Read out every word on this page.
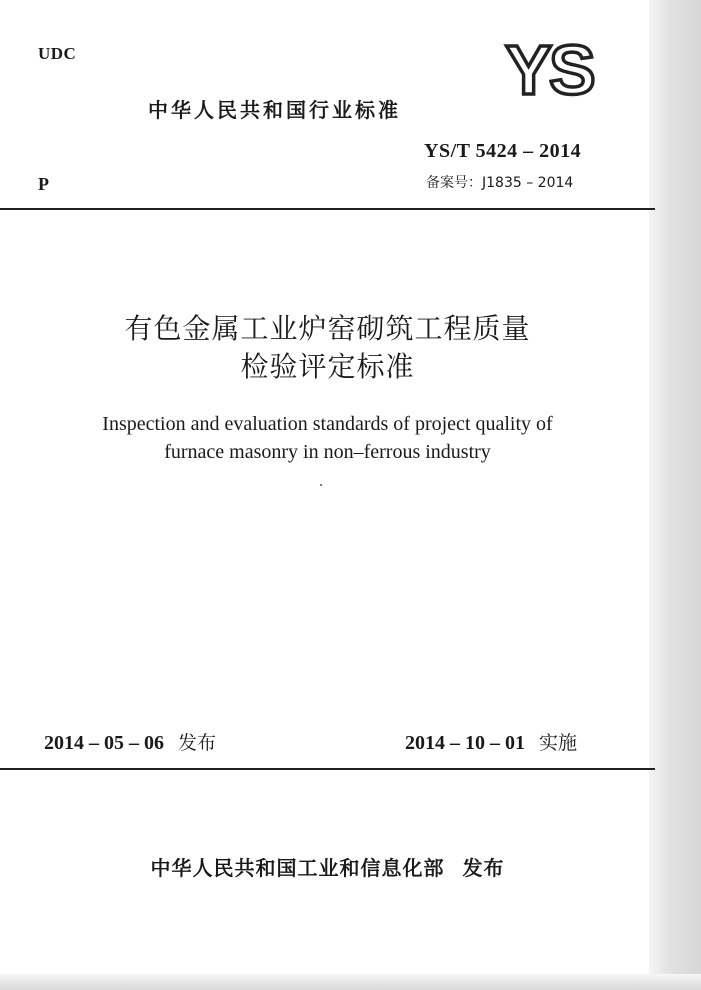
UDC	YS
中华人民共和国行业标准
YS/T 5424 – 2014
备案号：J1835 – 2014
P
有色金属工业炉窑砌筑工程质量
检验评定标准
Inspection and evaluation standards of project quality of
furnace masonry in non–ferrous industry
2014 – 05 – 06 发布	2014 – 10 – 01 实施
中华人民共和国工业和信息化部 发布
